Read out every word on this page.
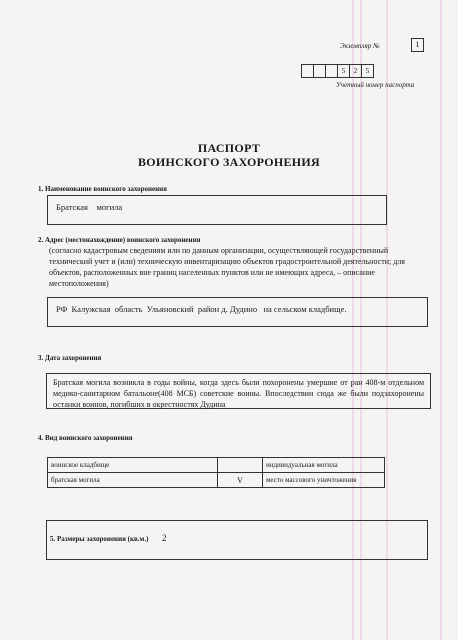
Экземпляр №	1
5	2	5
Учетный номер паспорта
ПАСПОРТ
ВОИНСКОГО ЗАХОРОНЕНИЯ
1. Наименование воинского захоронения
Братская    могила
2. Адрес (местонахождение) воинского захоронения
(согласно кадастровым сведениям или по данным организации, осуществляющей государственный технический учет и (или) техническую инвентаризацию объектов градостроительной деятельности; для объектов, расположенных вне границ населенных пунктов или не имеющих адреса, – описание местоположения)
РФ  Калужская  область  Ульяновский  район д. Дудино   на сельском кладбище.
3. Дата захоронения
Братская могила возникла в годы войны, когда здесь были похоронены умершие от ран 408-м отдельном медико-санитарном батальоне(408 МСБ) советские воины. Впоследствии сюда же были подзахоронены останки воинов, погибших в окрестностях Дудина
4. Вид воинского захоронения
воинское кладбище		индивидуальная могила
братская могила	V	место массового уничтожения
5. Размеры захоронения (кв.м.) 2
